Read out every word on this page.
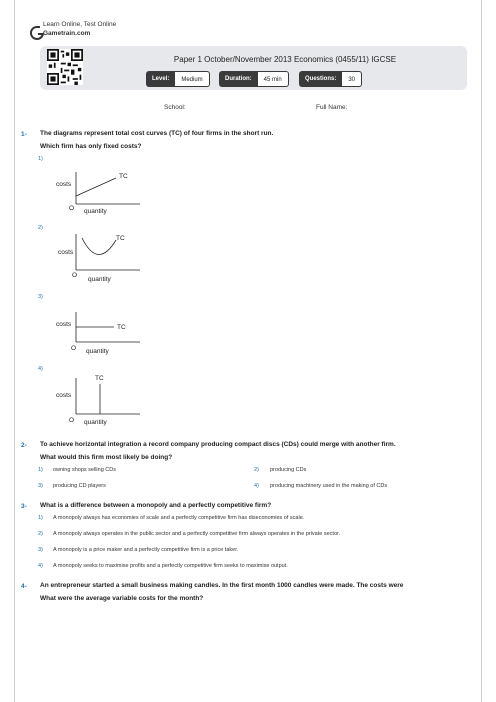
Learn Online, Test Online
Gametrain.com
Paper 1 October/November 2013 Economics (0455/11) IGCSE
Level:	Medium	Duration:	45 min	Questions:	30
School:	Full Name:
1- The diagrams represent total cost curves (TC) of four firms in the short run.
Which firm has only fixed costs?
1)
costs
TC
O quantity
2)
costs
TC
O
quantity
3)
costs	TC
O quantity
4)
costs
TC
O quantity
2- To achieve horizontal integration a record company producing compact discs (CDs) could merge with another firm.
What would this firm most likely be doing?
1) owning shops selling CDs	2) producing CDs
3) producing CD players	4) producing machinery used in the making of CDs
3- What is a difference between a monopoly and a perfectly competitive firm?
1) A monopoly always has economies of scale and a perfectly competitive firm has diseconomies of scale.
2) A monopoly always operates in the public sector and a perfectly competitive firm always operates in the private sector.
3) A monopoly is a price maker and a perfectly competitive firm is a price taker.
4) A monopoly seeks to maximise profits and a perfectly competitive firm seeks to maximise output.
4- An entrepreneur started a small business making candles. In the first month 1000 candles were made. The costs were
What were the average variable costs for the month?
